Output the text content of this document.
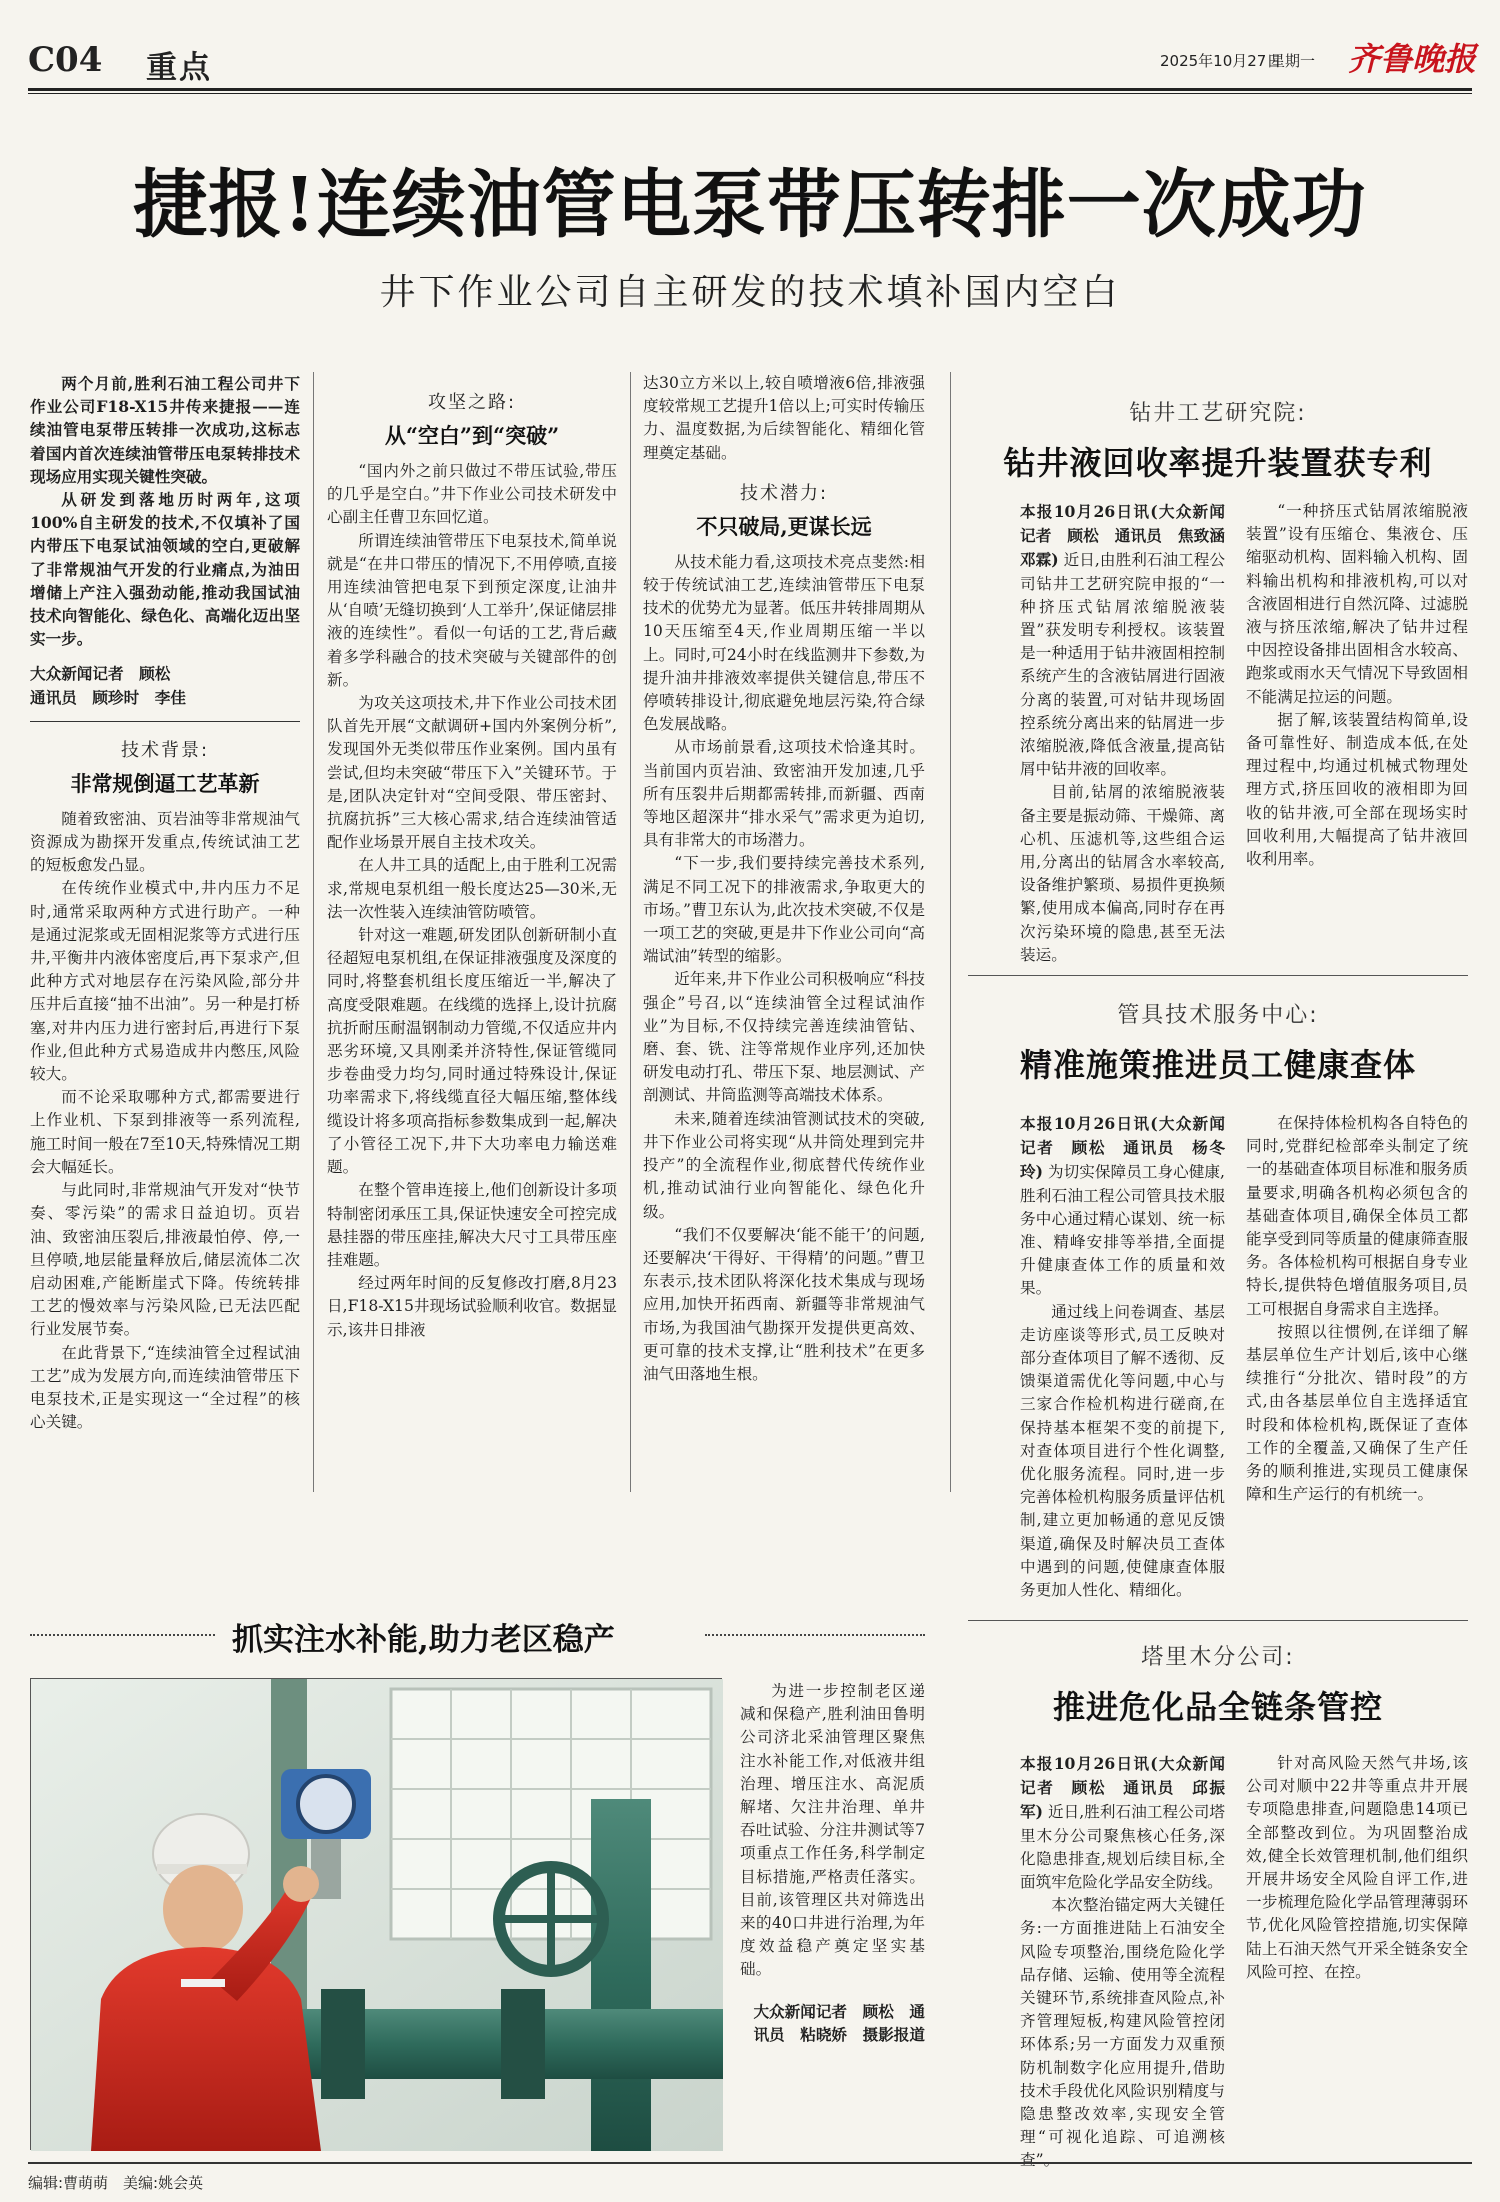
C04 重点	2025年10月27日
星期一 齐鲁晚报
捷报!连续油管电泵带压转排一次成功
井下作业公司自主研发的技术填补国内空白

两个月前,胜利石油工程公司井下作业公司F18-X15井传来捷报——连续油管电泵带压转排一次成功,这标志着国内首次连续油管带压电泵转排技术现场应用实现关键性突破。

从研发到落地历时两年,这项100%自主研发的技术,不仅填补了国内带压下电泵试油领域的空白,更破解了非常规油气开发的行业痛点,为油田增储上产注入强劲动能,推动我国试油技术向智能化、绿色化、高端化迈出坚实一步。

大众新闻记者　顾松

通讯员　顾珍时　李佳

技术背景:

非常规倒逼工艺革新

随着致密油、页岩油等非常规油气资源成为勘探开发重点,传统试油工艺的短板愈发凸显。

在传统作业模式中,井内压力不足时,通常采取两种方式进行助产。一种是通过泥浆或无固相泥浆等方式进行压井,平衡井内液体密度后,再下泵求产,但此种方式对地层存在污染风险,部分井压井后直接“抽不出油”。另一种是打桥塞,对井内压力进行密封后,再进行下泵作业,但此种方式易造成井内憋压,风险较大。

而不论采取哪种方式,都需要进行上作业机、下泵到排液等一系列流程,施工时间一般在7至10天,特殊情况工期会大幅延长。

与此同时,非常规油气开发对“快节奏、零污染”的需求日益迫切。页岩油、致密油压裂后,排液最怕停、停,一旦停喷,地层能量释放后,储层流体二次启动困难,产能断崖式下降。传统转排工艺的慢效率与污染风险,已无法匹配行业发展节奏。

在此背景下,“连续油管全过程试油工艺”成为发展方向,而连续油管带压下电泵技术,正是实现这一“全过程”的核心关键。

攻坚之路:

从“空白”到“突破”

“国内外之前只做过不带压试验,带压的几乎是空白。”井下作业公司技术研发中心副主任曹卫东回忆道。

所谓连续油管带压下电泵技术,简单说就是“在井口带压的情况下,不用停喷,直接用连续油管把电泵下到预定深度,让油井从‘自喷’无缝切换到‘人工举升’,保证储层排液的连续性”。看似一句话的工艺,背后藏着多学科融合的技术突破与关键部件的创新。

为攻关这项技术,井下作业公司技术团队首先开展“文献调研+国内外案例分析”,发现国外无类似带压作业案例。国内虽有尝试,但均未突破“带压下入”关键环节。于是,团队决定针对“空间受限、带压密封、抗腐抗拆”三大核心需求,结合连续油管适配作业场景开展自主技术攻关。

在人井工具的适配上,由于胜利工况需求,常规电泵机组一般长度达25—30米,无法一次性装入连续油管防喷管。

针对这一难题,研发团队创新研制小直径超短电泵机组,在保证排液强度及深度的同时,将整套机组长度压缩近一半,解决了高度受限难题。在线缆的选择上,设计抗腐抗折耐压耐温钢制动力管缆,不仅适应井内恶劣环境,又具刚柔并济特性,保证管缆同步卷曲受力均匀,同时通过特殊设计,保证功率需求下,将线缆直径大幅压缩,整体线缆设计将多项高指标参数集成到一起,解决了小管径工况下,井下大功率电力输送难题。

在整个管串连接上,他们创新设计多项特制密闭承压工具,保证快速安全可控完成悬挂器的带压座挂,解决大尺寸工具带压座挂难题。

经过两年时间的反复修改打磨,8月23日,F18-X15井现场试验顺利收官。数据显示,该井日排液

达30立方米以上,较自喷增液6倍,排液强度较常规工艺提升1倍以上;可实时传输压力、温度数据,为后续智能化、精细化管理奠定基础。

技术潜力:

不只破局,更谋长远

从技术能力看,这项技术亮点斐然:相较于传统试油工艺,连续油管带压下电泵技术的优势尤为显著。低压井转排周期从10天压缩至4天,作业周期压缩一半以上。同时,可24小时在线监测井下参数,为提升油井排液效率提供关键信息,带压不停喷转排设计,彻底避免地层污染,符合绿色发展战略。

从市场前景看,这项技术恰逢其时。当前国内页岩油、致密油开发加速,几乎所有压裂井后期都需转排,而新疆、西南等地区超深井“排水采气”需求更为迫切,具有非常大的市场潜力。

“下一步,我们要持续完善技术系列,满足不同工况下的排液需求,争取更大的市场。”曹卫东认为,此次技术突破,不仅是一项工艺的突破,更是井下作业公司向“高端试油”转型的缩影。

近年来,井下作业公司积极响应“科技强企”号召,以“连续油管全过程试油作业”为目标,不仅持续完善连续油管钻、磨、套、铣、注等常规作业序列,还加快研发电动打孔、带压下泵、地层测试、产剖测试、井筒监测等高端技术体系。

未来,随着连续油管测试技术的突破,井下作业公司将实现“从井筒处理到完井投产”的全流程作业,彻底替代传统作业机,推动试油行业向智能化、绿色化升级。

“我们不仅要解决‘能不能干’的问题,还要解决‘干得好、干得精’的问题。”曹卫东表示,技术团队将深化技术集成与现场应用,加快开拓西南、新疆等非常规油气市场,为我国油气勘探开发提供更高效、更可靠的技术支撑,让“胜利技术”在更多油气田落地生根。

钻井工艺研究院:
钻井液回收率提升装置获专利

本报10月26日讯(大众新闻记者　顾松　通讯员　焦致涵　邓霖) 近日,由胜利石油工程公司钻井工艺研究院申报的“一种挤压式钻屑浓缩脱液装置”获发明专利授权。该装置是一种适用于钻井液固相控制系统产生的含液钻屑进行固液分离的装置,可对钻井现场固控系统分离出来的钻屑进一步浓缩脱液,降低含液量,提高钻屑中钻井液的回收率。

目前,钻屑的浓缩脱液装备主要是振动筛、干燥筛、离心机、压滤机等,这些组合运用,分离出的钻屑含水率较高,设备维护繁琐、易损件更换频繁,使用成本偏高,同时存在再次污染环境的隐患,甚至无法装运。

“一种挤压式钻屑浓缩脱液装置”设有压缩仓、集液仓、压缩驱动机构、固料输入机构、固料输出机构和排液机构,可以对含液固相进行自然沉降、过滤脱液与挤压浓缩,解决了钻井过程中因控设备排出固相含水较高、跑浆或雨水天气情况下导致固相不能满足拉运的问题。

据了解,该装置结构简单,设备可靠性好、制造成本低,在处理过程中,均通过机械式物理处理方式,挤压回收的液相即为回收的钻井液,可全部在现场实时回收利用,大幅提高了钻井液回收利用率。

管具技术服务中心:
精准施策推进员工健康查体

本报10月26日讯(大众新闻记者　顾松　通讯员　杨冬玲) 为切实保障员工身心健康,胜利石油工程公司管具技术服务中心通过精心谋划、统一标准、精峰安排等举措,全面提升健康查体工作的质量和效果。

通过线上问卷调查、基层走访座谈等形式,员工反映对部分查体项目了解不透彻、反馈渠道需优化等问题,中心与三家合作检机构进行磋商,在保持基本框架不变的前提下,对查体项目进行个性化调整,优化服务流程。同时,进一步完善体检机构服务质量评估机制,建立更加畅通的意见反馈渠道,确保及时解决员工查体中遇到的问题,使健康查体服务更加人性化、精细化。

在保持体检机构各自特色的同时,党群纪检部牵头制定了统一的基础查体项目标准和服务质量要求,明确各机构必须包含的基础查体项目,确保全体员工都能享受到同等质量的健康筛查服务。各体检机构可根据自身专业特长,提供特色增值服务项目,员工可根据自身需求自主选择。

按照以往惯例,在详细了解基层单位生产计划后,该中心继续推行“分批次、错时段”的方式,由各基层单位自主选择适宜时段和体检机构,既保证了查体工作的全覆盖,又确保了生产任务的顺利推进,实现员工健康保障和生产运行的有机统一。

塔里木分公司:
推进危化品全链条管控

本报10月26日讯(大众新闻记者　顾松　通讯员　邱振军) 近日,胜利石油工程公司塔里木分公司聚焦核心任务,深化隐患排查,规划后续目标,全面筑牢危险化学品安全防线。

本次整治锚定两大关键任务:一方面推进陆上石油安全风险专项整治,围绕危险化学品存储、运输、使用等全流程关键环节,系统排查风险点,补齐管理短板,构建风险管控闭环体系;另一方面发力双重预防机制数字化应用提升,借助技术手段优化风险识别精度与隐患整改效率,实现安全管理“可视化追踪、可追溯核查”。

针对高风险天然气井场,该公司对顺中22井等重点井开展专项隐患排查,问题隐患14项已全部整改到位。为巩固整治成效,健全长效管理机制,他们组织开展井场安全风险自评工作,进一步梳理危险化学品管理薄弱环节,优化风险管控措施,切实保障陆上石油天然气开采全链条安全风险可控、在控。

抓实注水补能,助力老区稳产

为进一步控制老区递减和保稳产,胜利油田鲁明公司济北采油管理区聚焦注水补能工作,对低液井组治理、增压注水、高泥质解堵、欠注井治理、单井吞吐试验、分注井测试等7项重点工作任务,科学制定目标措施,严格责任落实。目前,该管理区共对筛选出来的40口井进行治理,为年度效益稳产奠定坚实基础。

大众新闻记者　顾松　通讯员　粘晓娇　摄影报道

编辑:曹萌萌　美编:姚会英
